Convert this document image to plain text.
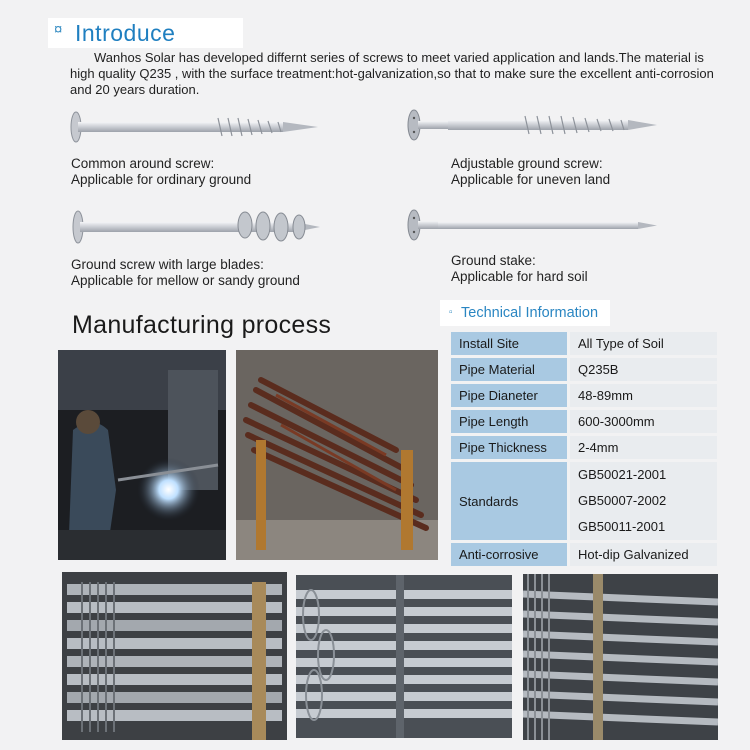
¤ Introduce

Wanhos Solar has developed differnt series of screws to meet varied application and lands.The material is high quality Q235 , with the surface treatment:hot-galvanization,so that to make sure the excellent anti-corrosion and 20 years duration.

Common around screw:
Applicable for ordinary ground
Adjustable ground screw:
Applicable for uneven land
Ground screw with large blades:
Applicable for mellow or sandy ground
Ground stake:
Applicable for hard soil
Manufacturing process	▫ Technical Information
Install Site	All Type of Soil
Pipe Material	Q235B
Pipe Dianeter	48-89mm
Pipe Length	600-3000mm
Pipe Thickness	2-4mm
Standards	GB50021-2001
GB50007-2002
GB50011-2001

Anti-corrosive	Hot-dip Galvanized
